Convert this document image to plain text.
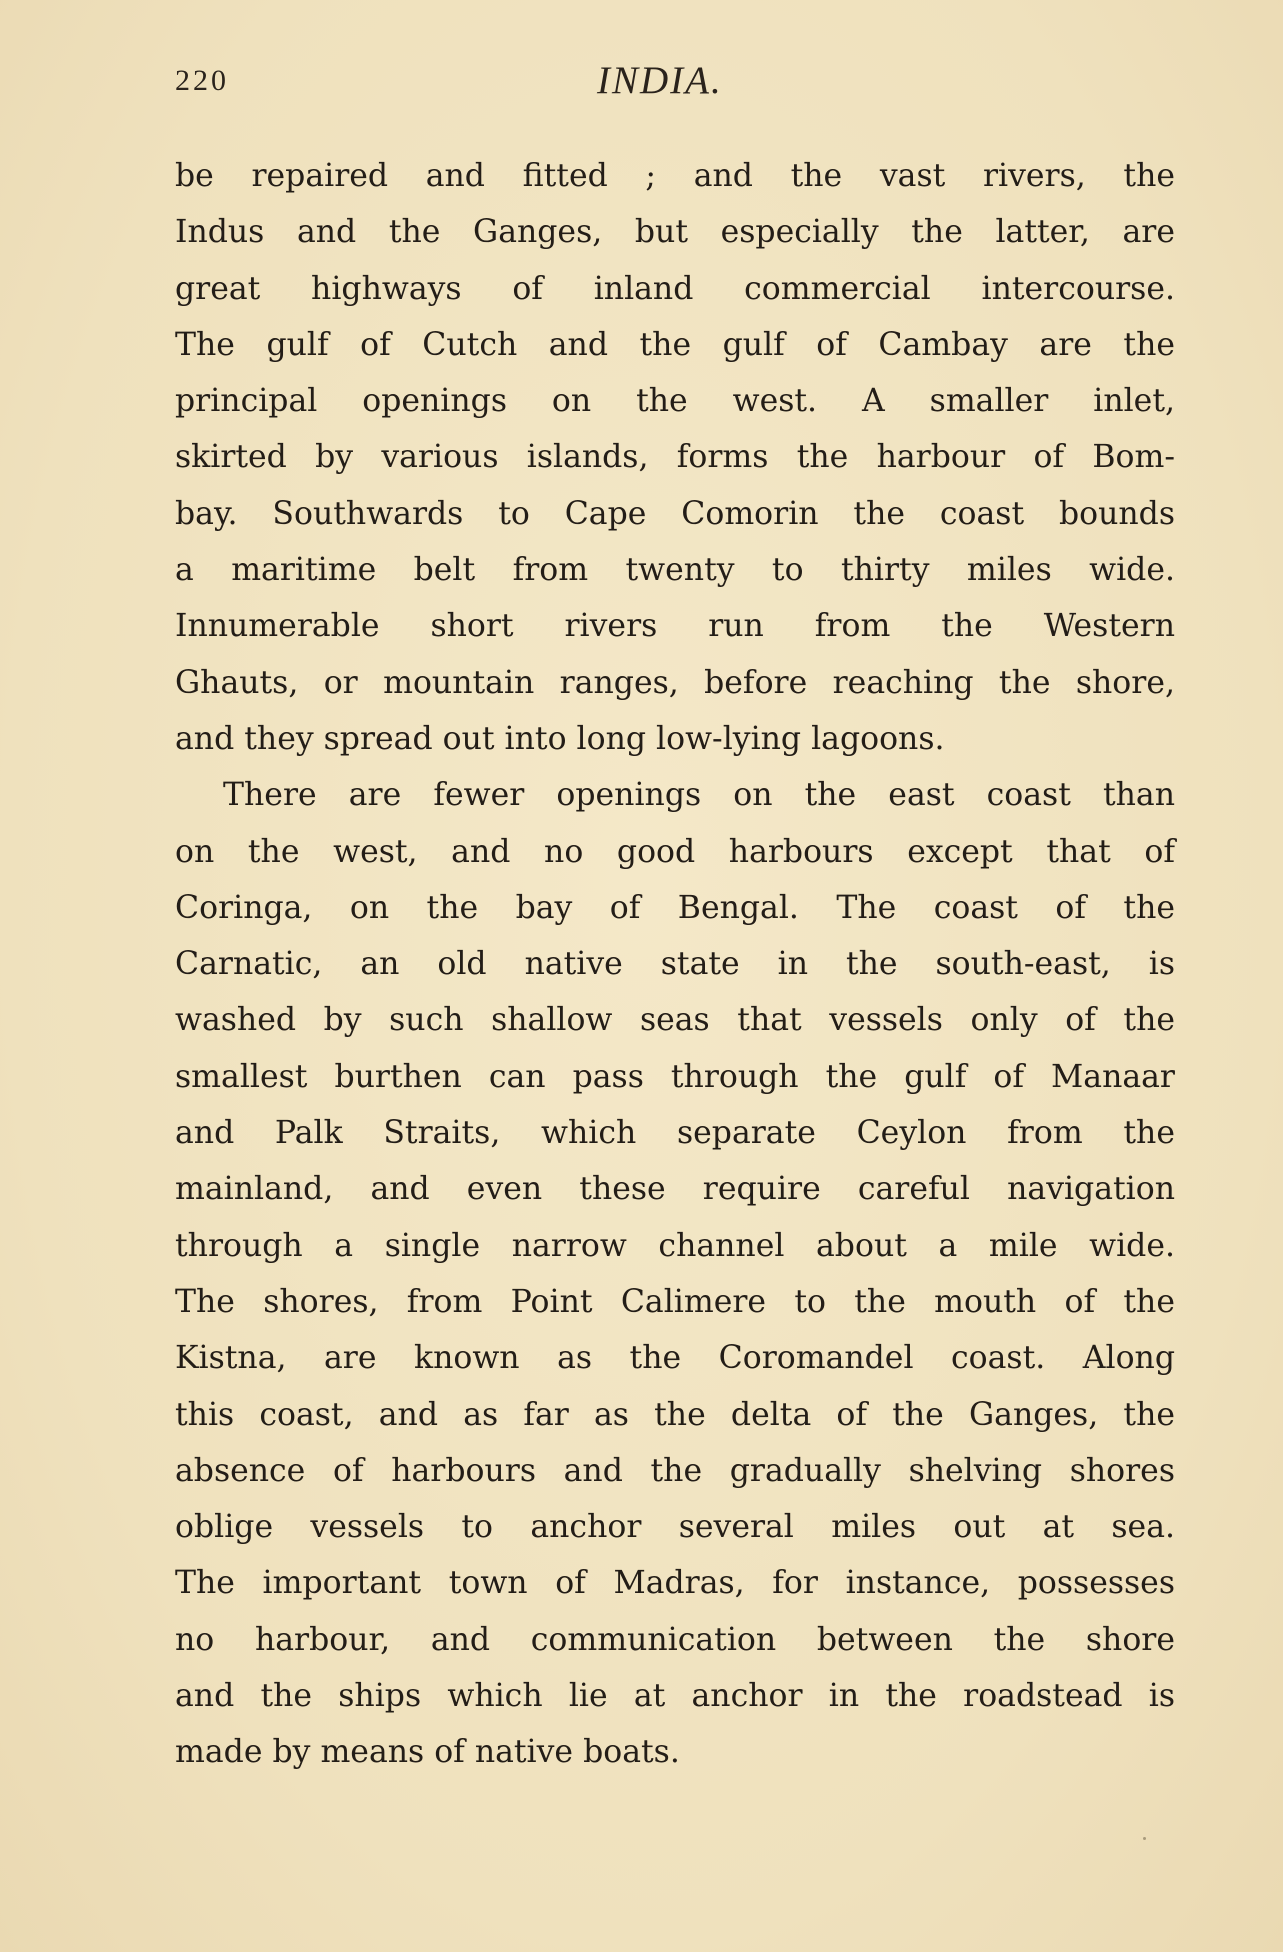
220	INDIA.
be repaired and fitted ; and the vast rivers, the
Indus and the Ganges, but especially the latter, are
great highways of inland commercial intercourse.
The gulf of Cutch and the gulf of Cambay are the
principal openings on the west. A smaller inlet,
skirted by various islands, forms the harbour of Bom-
bay. Southwards to Cape Comorin the coast bounds
a maritime belt from twenty to thirty miles wide.
Innumerable short rivers run from the Western
Ghauts, or mountain ranges, before reaching the shore,
and they spread out into long low-lying lagoons.
There are fewer openings on the east coast than
on the west, and no good harbours except that of
Coringa, on the bay of Bengal. The coast of the
Carnatic, an old native state in the south-east, is
washed by such shallow seas that vessels only of the
smallest burthen can pass through the gulf of Manaar
and Palk Straits, which separate Ceylon from the
mainland, and even these require careful navigation
through a single narrow channel about a mile wide.
The shores, from Point Calimere to the mouth of the
Kistna, are known as the Coromandel coast. Along
this coast, and as far as the delta of the Ganges, the
absence of harbours and the gradually shelving shores
oblige vessels to anchor several miles out at sea.
The important town of Madras, for instance, possesses
no harbour, and communication between the shore
and the ships which lie at anchor in the roadstead is
made by means of native boats.
